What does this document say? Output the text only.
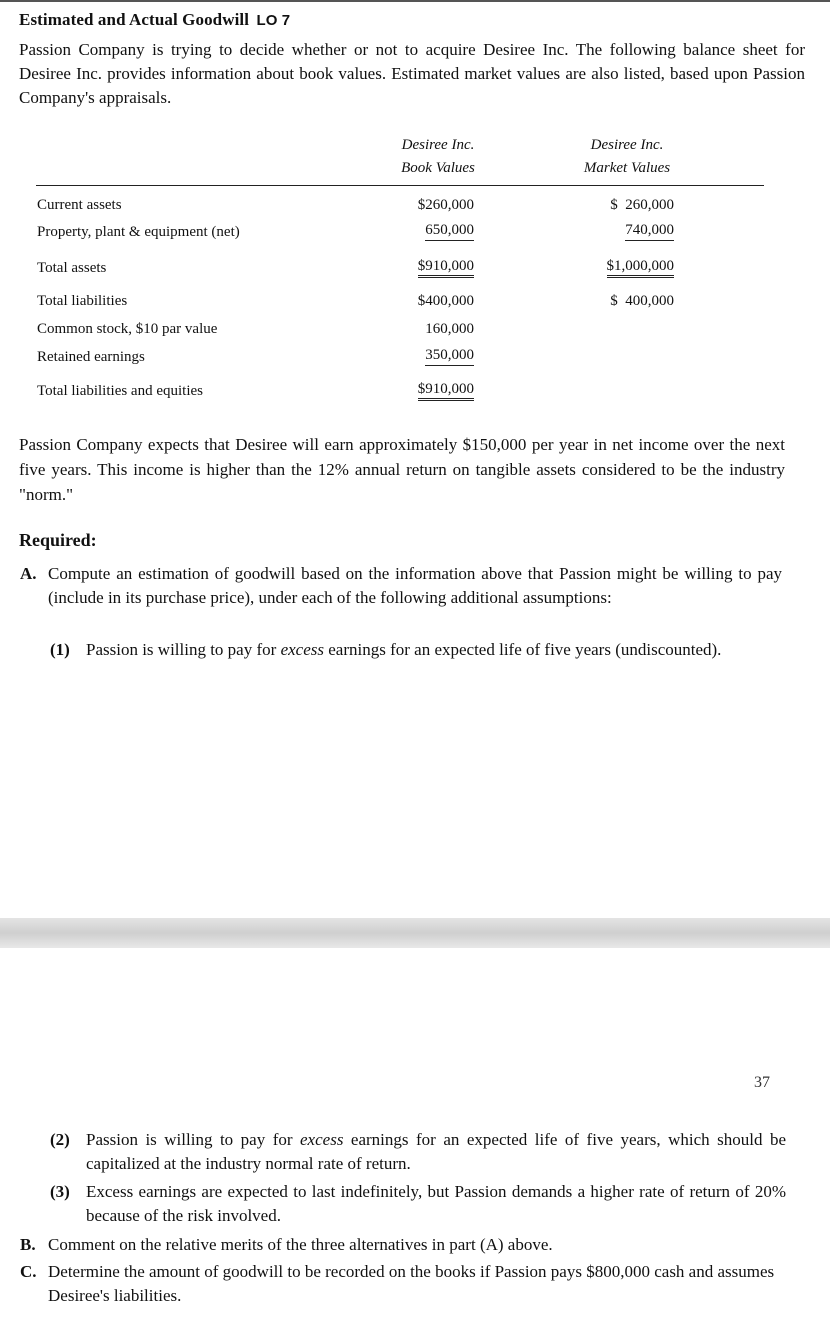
Estimated and Actual Goodwill LO 7
Passion Company is trying to decide whether or not to acquire Desiree Inc. The following balance sheet for Desiree Inc. provides information about book values. Estimated market values are also listed, based upon Passion Company's appraisals.
Desiree Inc.
Book Values
Desiree Inc.
Market Values
Current assets	$260,000	$  260,000
Property, plant & equipment (net)	650,000	740,000
Total assets	$910,000	$1,000,000
Total liabilities	$400,000	$  400,000
Common stock, $10 par value	160,000
Retained earnings	350,000
Total liabilities and equities	$910,000
Passion Company expects that Desiree will earn approximately $150,000 per year in net income over the next five years. This income is higher than the 12% annual return on tangible assets considered to be the industry "norm."
Required:
A. Compute an estimation of goodwill based on the information above that Passion might be willing to pay (include in its purchase price), under each of the following additional assumptions:
(1) Passion is willing to pay for excess earnings for an expected life of five years (undiscounted).
37
(2) Passion is willing to pay for excess earnings for an expected life of five years, which should be capitalized at the industry normal rate of return.
(3) Excess earnings are expected to last indefinitely, but Passion demands a higher rate of return of 20% because of the risk involved.
B. Comment on the relative merits of the three alternatives in part (A) above.
C. Determine the amount of goodwill to be recorded on the books if Passion pays $800,000 cash and assumes Desiree's liabilities.
